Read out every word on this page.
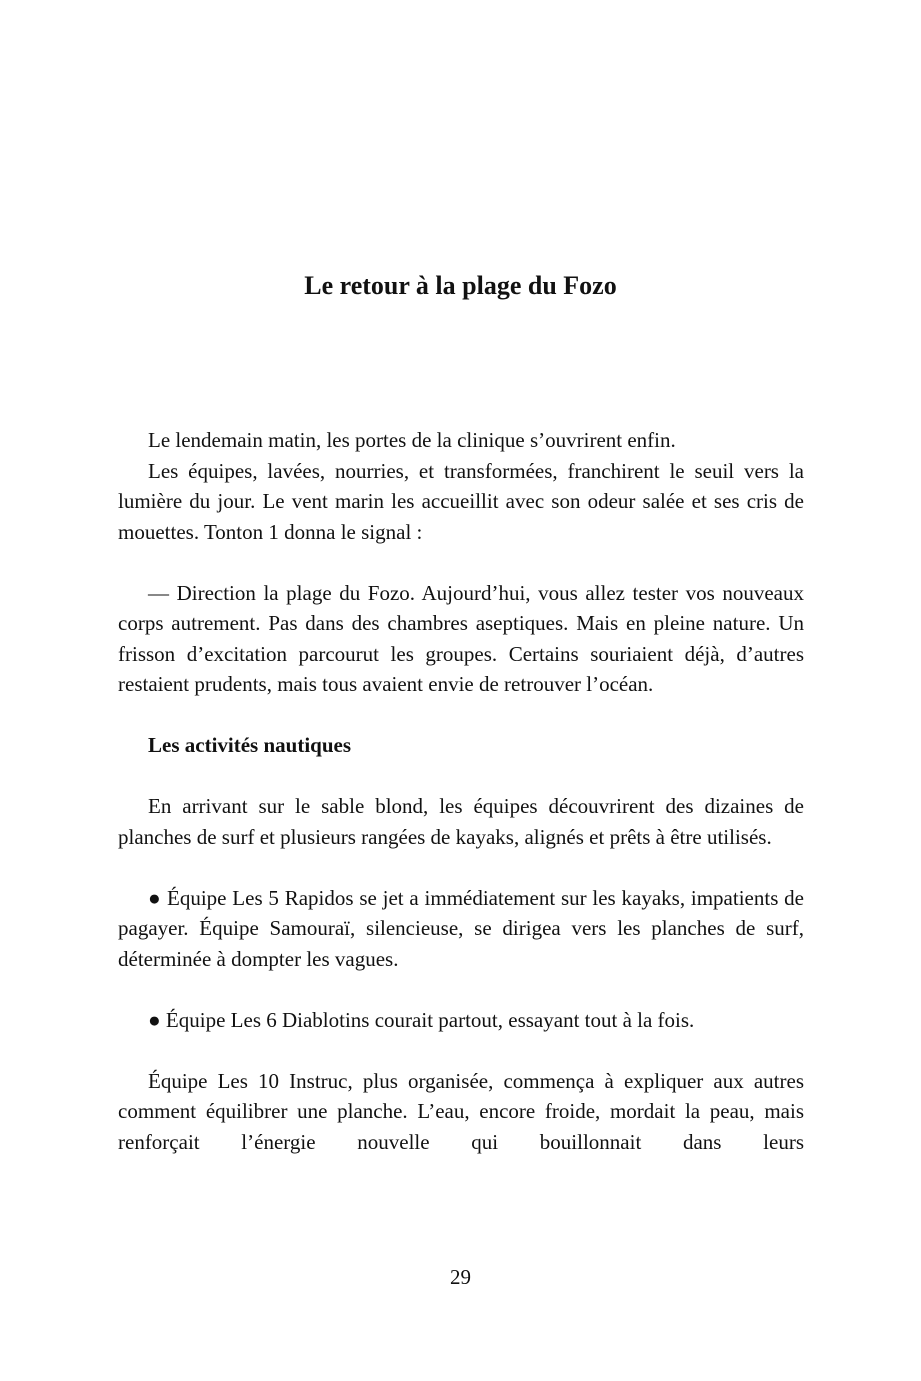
Le retour à la plage du Fozo

Le lendemain matin, les portes de la clinique s’ouvrirent enfin.

Les équipes, lavées, nourries, et transformées, franchirent le seuil vers la lumière du jour. Le vent marin les accueillit avec son odeur salée et ses cris de mouettes. Tonton 1 donna le signal :

— Direction la plage du Fozo. Aujourd’hui, vous allez tester vos nouveaux corps autrement. Pas dans des chambres aseptiques. Mais en pleine nature. Un frisson d’excitation parcourut les groupes. Certains souriaient déjà, d’autres restaient prudents, mais tous avaient envie de retrouver l’océan.

Les activités nautiques

En arrivant sur le sable blond, les équipes découvrirent des dizaines de planches de surf et plusieurs rangées de kayaks, alignés et prêts à être utilisés.

● Équipe Les 5 Rapidos se jet a immédiatement sur les kayaks, impatients de pagayer. Équipe Samouraï, silencieuse, se dirigea vers les planches de surf, déterminée à dompter les vagues.

● Équipe Les 6 Diablotins courait partout, essayant tout à la fois.

Équipe Les 10 Instruc, plus organisée, commença à expliquer aux autres comment équilibrer une planche. L’eau, encore froide, mordait la peau, mais renforçait l’énergie nouvelle qui bouillonnait dans leurs

29
